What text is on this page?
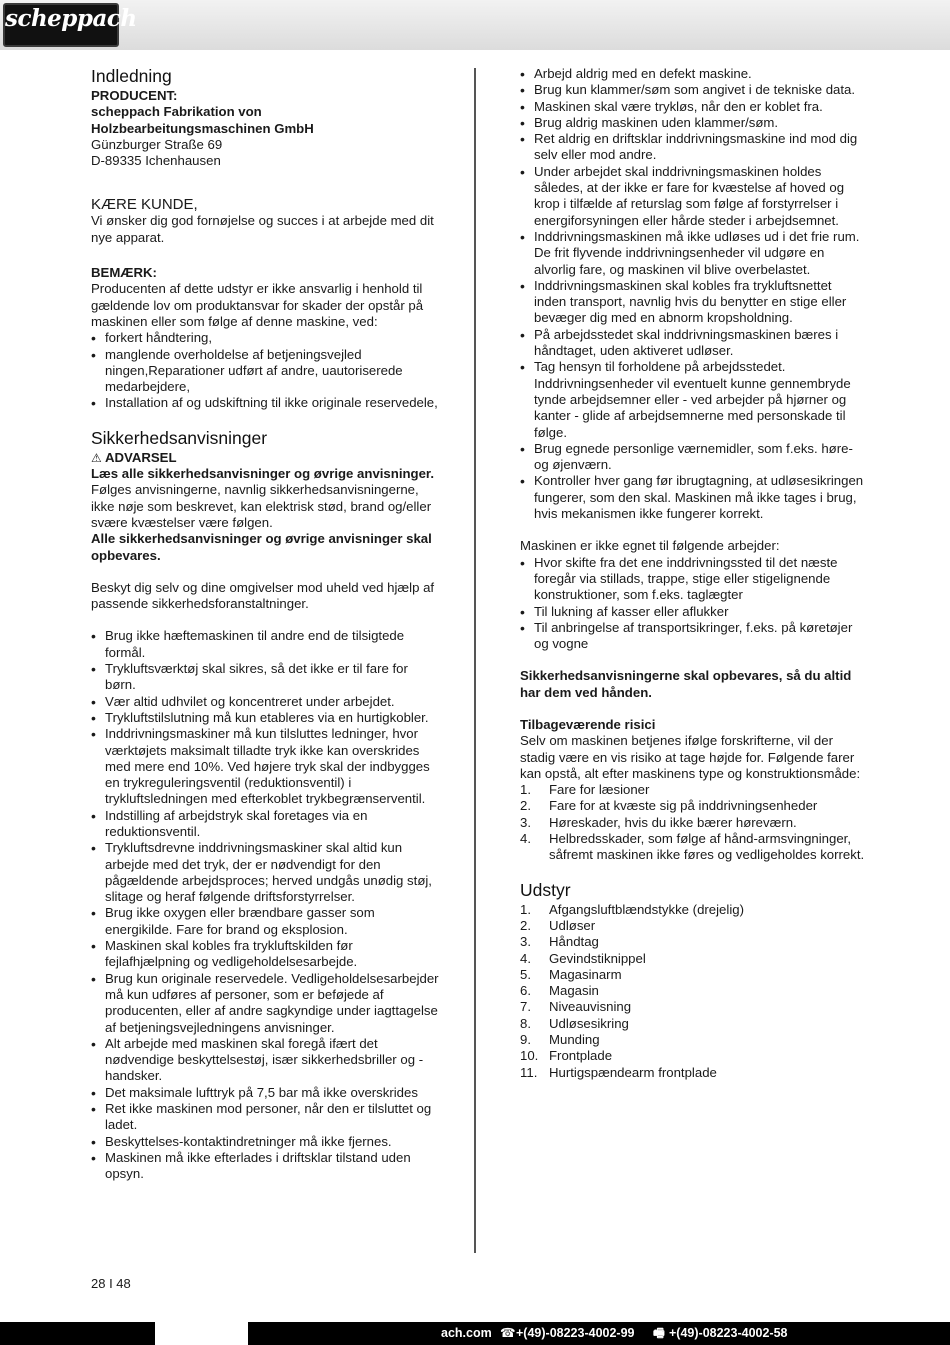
scheppach
Indledning

PRODUCENT:

scheppach Fabrikation von

Holzbearbeitungsmaschinen GmbH

Günzburger Straße 69

D-89335 Ichenhausen

KÆRE KUNDE,

Vi ønsker dig god fornøjelse og succes i at arbejde med dit nye apparat.

BEMÆRK:

Producenten af dette udstyr er ikke ansvarlig i henhold til gældende lov om produktansvar for skader der opstår på maskinen eller som følge af denne maskine, ved:

• forkert håndtering,
• manglende overholdelse af betjeningsvejled ningen,Reparationer udført af andre, uautoriserede medarbejdere,
• Installation af og udskiftning til ikke originale reservedele,
Sikkerhedsanvisninger

⚠ ADVARSEL

Læs alle sikkerhedsanvisninger og øvrige anvisninger. Følges anvisningerne, navnlig sikkerhedsanvisningerne, ikke nøje som beskrevet, kan elektrisk stød, brand og/eller svære kvæstelser være følgen.

Alle sikkerhedsanvisninger og øvrige anvisninger skal opbevares.

Beskyt dig selv og dine omgivelser mod uheld ved hjælp af passende sikkerhedsforanstaltninger.

• Brug ikke hæftemaskinen til andre end de tilsigtede formål.
• Trykluftsværktøj skal sikres, så det ikke er til fare for børn.
• Vær altid udhvilet og koncentreret under arbejdet.
• Trykluftstilslutning må kun etableres via en hurtigkobler.
• Inddrivningsmaskiner må kun tilsluttes ledninger, hvor værktøjets maksimalt tilladte tryk ikke kan overskrides med mere end 10%. Ved højere tryk skal der indbygges en trykreguleringsventil (reduktionsventil) i trykluftsledningen med efterkoblet trykbegrænserventil.
• Indstilling af arbejdstryk skal foretages via en reduktionsventil.
• Trykluftsdrevne inddrivningsmaskiner skal altid kun arbejde med det tryk, der er nødvendigt for den pågældende arbejdsproces; herved undgås unødig støj, slitage og heraf følgende driftsforstyrrelser.
• Brug ikke oxygen eller brændbare gasser som energikilde. Fare for brand og eksplosion.
• Maskinen skal kobles fra trykluftskilden før fejlafhjælpning og vedligeholdelsesarbejde.
• Brug kun originale reservedele. Vedligeholdelsesarbejder må kun udføres af personer, som er beføjede af producenten, eller af andre sagkyndige under iagttagelse af betjeningsvejledningens anvisninger.
• Alt arbejde med maskinen skal foregå ifært det nødvendige beskyttelsestøj, især sikkerhedsbriller og -handsker.
• Det maksimale lufttryk på 7,5 bar må ikke overskrides
• Ret ikke maskinen mod personer, når den er tilsluttet og ladet.
• Beskyttelses-kontaktindretninger må ikke fjernes.
• Maskinen må ikke efterlades i driftsklar tilstand uden opsyn.
• Arbejd aldrig med en defekt maskine.
• Brug kun klammer/søm som angivet i de tekniske data.
• Maskinen skal være trykløs, når den er koblet fra.
• Brug aldrig maskinen uden klammer/søm.
• Ret aldrig en driftsklar inddrivningsmaskine ind mod dig selv eller mod andre.
• Under arbejdet skal inddrivningsmaskinen holdes således, at der ikke er fare for kvæstelse af hoved og krop i tilfælde af returslag som følge af forstyrrelser i energiforsyningen eller hårde steder i arbejdsemnet.
• Inddrivningsmaskinen må ikke udløses ud i det frie rum. De frit flyvende inddrivningsenheder vil udgøre en alvorlig fare, og maskinen vil blive overbelastet.
• Inddrivningsmaskinen skal kobles fra trykluftsnettet inden transport, navnlig hvis du benytter en stige eller bevæger dig med en abnorm kropsholdning.
• På arbejdsstedet skal inddrivningsmaskinen bæres i håndtaget, uden aktiveret udløser.
• Tag hensyn til forholdene på arbejdsstedet. Inddrivningsenheder vil eventuelt kunne gennembryde tynde arbejdsemner eller - ved arbejder på hjørner og kanter - glide af arbejdsemnerne med personskade til følge.
• Brug egnede personlige værnemidler, som f.eks. høre- og øjenværn.
• Kontroller hver gang før ibrugtagning, at udløsesikringen fungerer, som den skal. Maskinen må ikke tages i brug, hvis mekanismen ikke fungerer korrekt.

Maskinen er ikke egnet til følgende arbejder:

• Hvor skifte fra det ene inddrivningssted til det næste foregår via stillads, trappe, stige eller stigelignende konstruktioner, som f.eks. taglægter
• Til lukning af kasser eller aflukker
• Til anbringelse af transportsikringer, f.eks. på køretøjer og vogne

Sikkerhedsanvisningerne skal opbevares, så du altid har dem ved hånden.

Tilbageværende risici

Selv om maskinen betjenes ifølge forskrifterne, vil der stadig være en vis risiko at tage højde for. Følgende farer kan opstå, alt efter maskinens type og konstruktionsmåde:

1. Fare for læsioner
2. Fare for at kvæste sig på inddrivningsenheder
3. Høreskader, hvis du ikke bærer høreværn.
4. Helbredsskader, som følge af hånd-armsvingninger, såfremt maskinen ikke føres og vedligeholdes korrekt.
Udstyr
1. Afgangsluftblændstykke (drejelig)
2. Udløser
3. Håndtag
4. Gevindstiknippel
5. Magasinarm
6. Magasin
7. Niveauvisning
8. Udløsesikring
9. Munding
10. Frontplade
11. Hurtigspændearm frontplade
28 I 48
ach.com ☎ +(49)-08223-4002-99 🖷 +(49)-08223-4002-58
